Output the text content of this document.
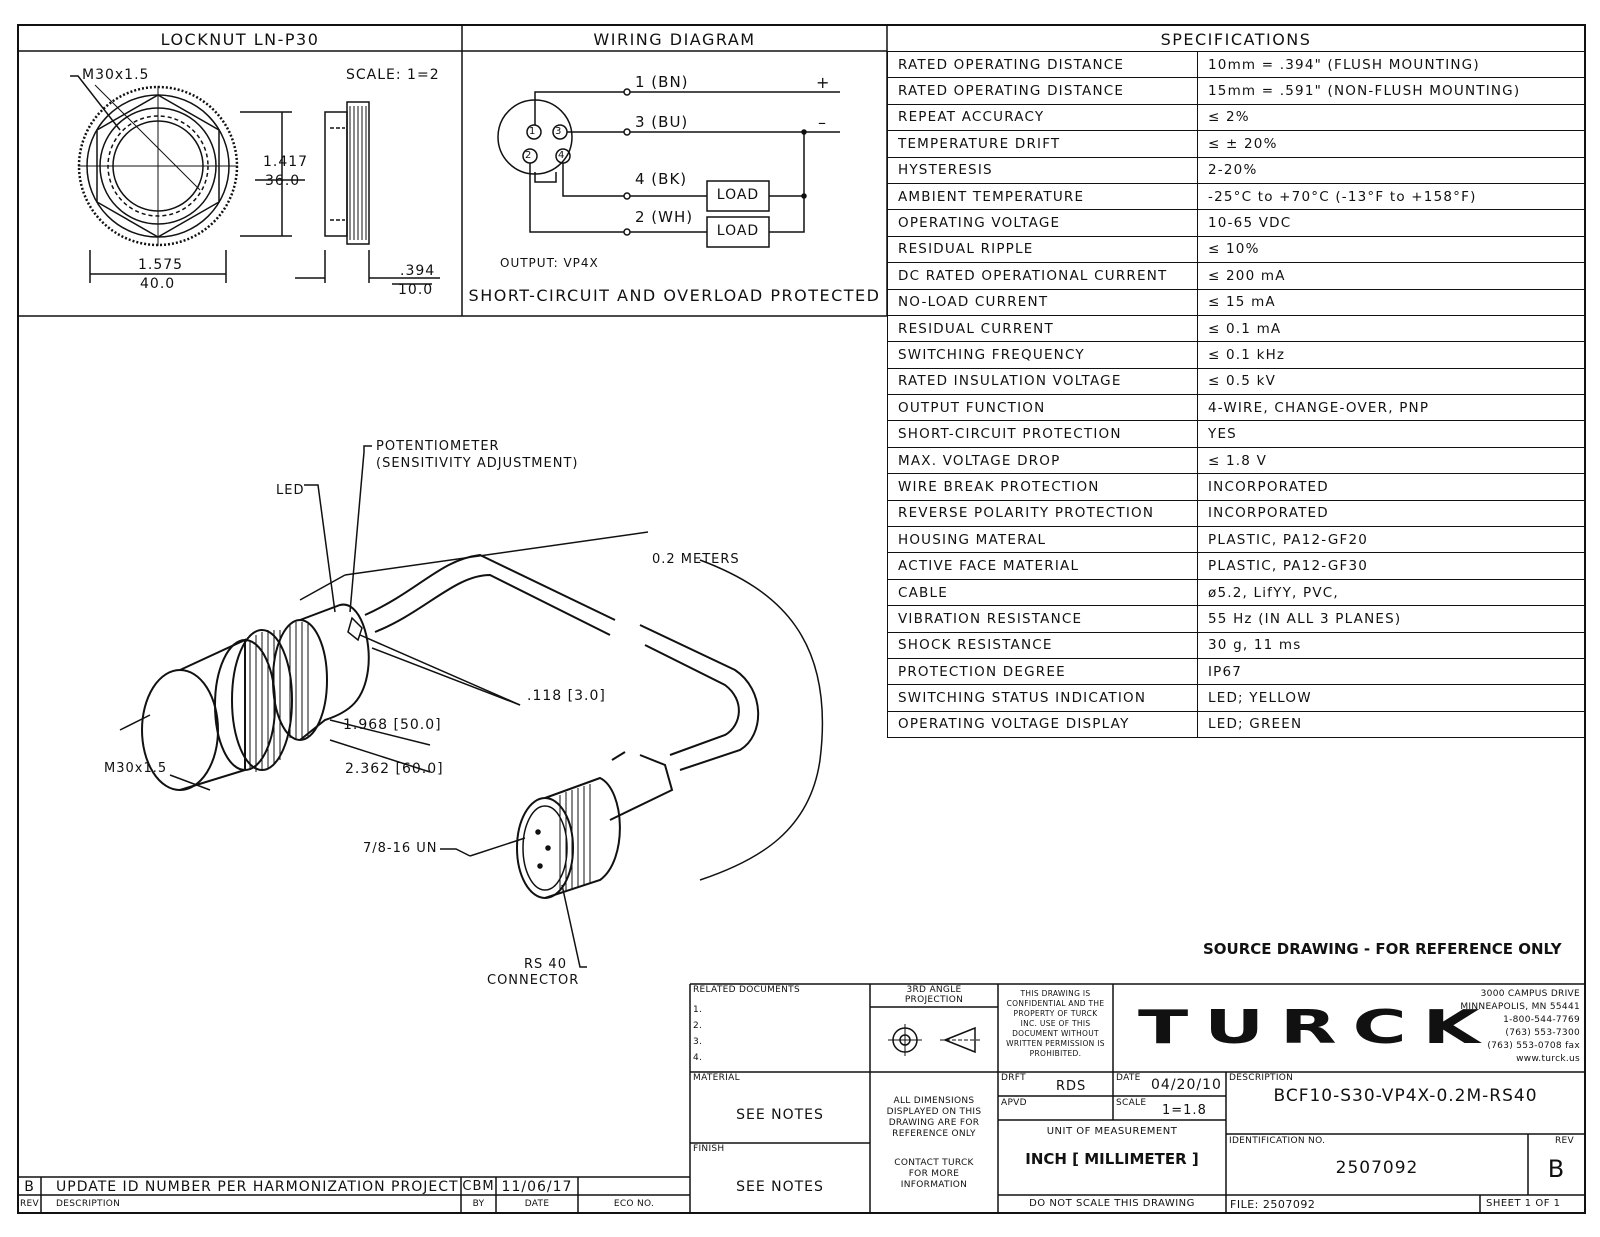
LOCKNUT LN-P30
M30x1.5	SCALE: 1=2
1.417
36.0
1.575
40.0
.394
10.0
WIRING DIAGRAM
1 3
2	4
1 (BN)	+
3 (BU)	–
4 (BK)
2 (WH)
LOAD
LOAD
OUTPUT: VP4X
SHORT-CIRCUIT AND OVERLOAD PROTECTED
SPECIFICATIONS
RATED OPERATING DISTANCE	10mm = .394" (FLUSH MOUNTING)
RATED OPERATING DISTANCE	15mm = .591" (NON-FLUSH MOUNTING)
REPEAT ACCURACY	≤ 2%
TEMPERATURE DRIFT	≤ ± 20%
HYSTERESIS	2-20%
AMBIENT TEMPERATURE	-25°C to +70°C (-13°F to +158°F)
OPERATING VOLTAGE	10-65 VDC
RESIDUAL RIPPLE	≤ 10%
DC RATED OPERATIONAL CURRENT	≤ 200 mA
NO-LOAD CURRENT	≤ 15 mA
RESIDUAL CURRENT	≤ 0.1 mA
SWITCHING FREQUENCY	≤ 0.1 kHz
RATED INSULATION VOLTAGE	≤ 0.5 kV
OUTPUT FUNCTION	4-WIRE, CHANGE-OVER, PNP
SHORT-CIRCUIT PROTECTION	YES
MAX. VOLTAGE DROP	≤ 1.8 V
WIRE BREAK PROTECTION	INCORPORATED
REVERSE POLARITY PROTECTION	INCORPORATED
HOUSING MATERAL	PLASTIC, PA12-GF20
ACTIVE FACE MATERIAL	PLASTIC, PA12-GF30
CABLE	ø5.2, LifYY, PVC,
VIBRATION RESISTANCE	55 Hz (IN ALL 3 PLANES)
SHOCK RESISTANCE	30 g, 11 ms
PROTECTION DEGREE	IP67
SWITCHING STATUS INDICATION	LED; YELLOW
OPERATING VOLTAGE DISPLAY	LED; GREEN
POTENTIOMETER
(SENSITIVITY ADJUSTMENT)
LED
0.2 METERS
.118 [3.0]
1.968 [50.0]
2.362 [60.0]
M30x1.5
7/8-16 UN
RS 40
CONNECTOR
SOURCE DRAWING - FOR REFERENCE ONLY
RELATED DOCUMENTS
1.
2.
3.
4.
3RD ANGLE
PROJECTION
THIS DRAWING IS
CONFIDENTIAL AND THE
PROPERTY OF TURCK
INC. USE OF THIS
DOCUMENT WITHOUT
WRITTEN PERMISSION IS
PROHIBITED.	TURCK
3000 CAMPUS DRIVE
MINNEAPOLIS, MN 55441
1-800-544-7769
(763) 553-7300
(763) 553-0708 fax
www.turck.us
MATERIAL
SEE NOTES
FINISH
SEE NOTES
ALL DIMENSIONS
DISPLAYED ON THIS
DRAWING ARE FOR
REFERENCE ONLY
CONTACT TURCK
FOR MORE
INFORMATION
DRFT
RDS
DATE 04/20/10
APVD	SCALE 1=1.8
UNIT OF MEASUREMENT
INCH [ MILLIMETER ]
DO NOT SCALE THIS DRAWING
DESCRIPTION
BCF10-S30-VP4X-0.2M-RS40
IDENTIFICATION NO.
2507092
REV
B
FILE: 2507092	SHEET 1 OF 1
B	UPDATE ID NUMBER PER HARMONIZATION PROJECT CBM 11/06/17
REV DESCRIPTION	BY	DATE	ECO NO.
